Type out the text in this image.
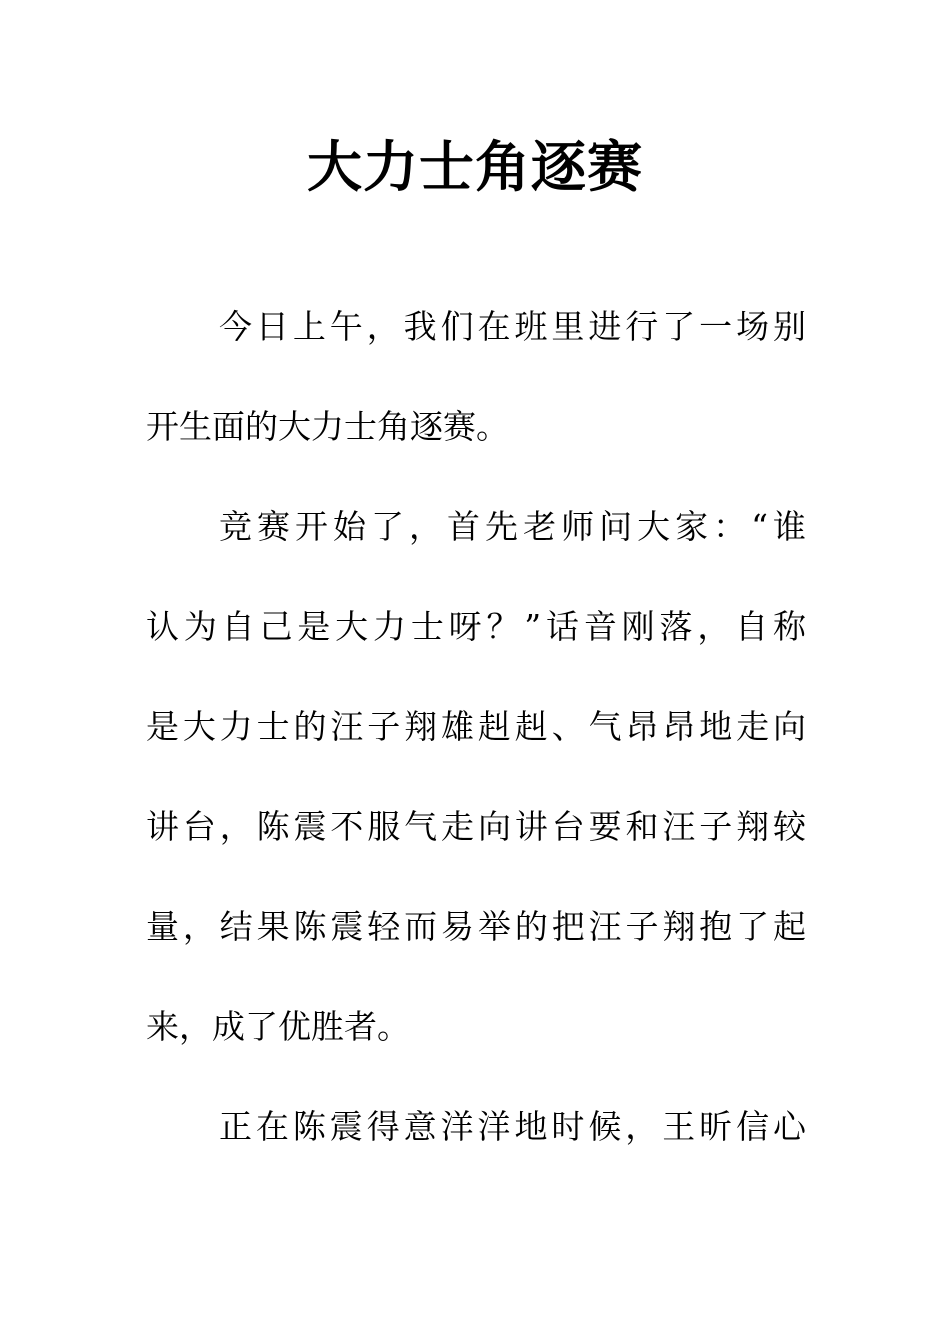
大力士角逐赛
今日上午，我们在班里进行了一场别
开生面的大力士角逐赛。
竞赛开始了，首先老师问大家：“谁
认为自己是大力士呀？”话音刚落，自称
是大力士的汪子翔雄赳赳、气昂昂地走向
讲台，陈震不服气走向讲台要和汪子翔较
量，结果陈震轻而易举的把汪子翔抱了起
来，成了优胜者。
正在陈震得意洋洋地时候，王昕信心
